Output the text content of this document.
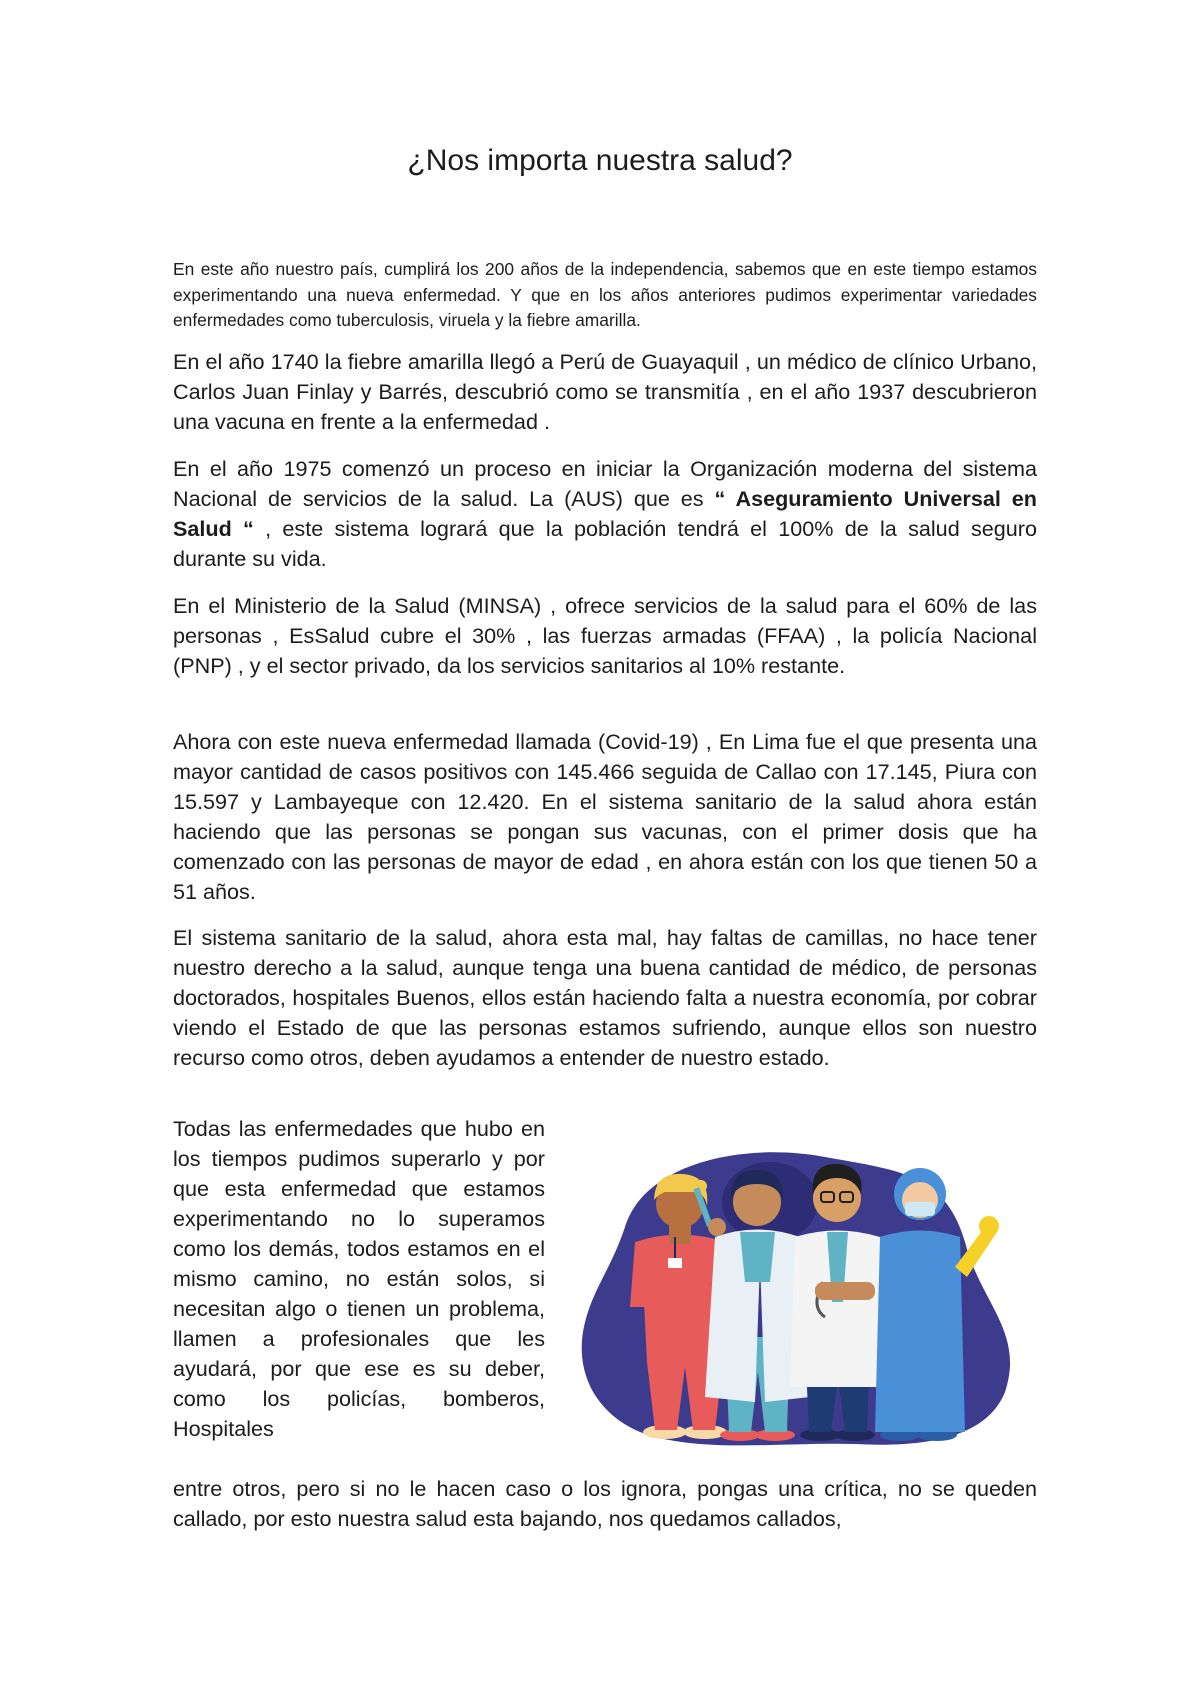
¿Nos importa nuestra salud?

En este año nuestro país, cumplirá los 200 años de la independencia, sabemos que en este tiempo estamos experimentando una nueva enfermedad. Y que en los años anteriores pudimos experimentar variedades enfermedades como tuberculosis, viruela y la fiebre amarilla.

En el año 1740 la fiebre amarilla llegó a Perú de Guayaquil , un médico de clínico Urbano, Carlos Juan Finlay y Barrés, descubrió como se transmitía , en el año 1937 descubrieron una vacuna en frente a la enfermedad .

En el año 1975 comenzó un proceso en iniciar la Organización moderna del sistema Nacional de servicios de la salud. La (AUS) que es “ Aseguramiento Universal en Salud “ , este sistema logrará que la población tendrá el 100% de la salud seguro durante su vida.

En el Ministerio de la Salud (MINSA) , ofrece servicios de la salud para el 60% de las personas , EsSalud cubre el 30% , las fuerzas armadas (FFAA) , la policía Nacional (PNP) , y el sector privado, da los servicios sanitarios al 10% restante.

Ahora con este nueva enfermedad llamada (Covid-19) , En Lima fue el que presenta una mayor cantidad de casos positivos con 145.466 seguida de Callao con 17.145, Piura con 15.597 y Lambayeque con 12.420. En el sistema sanitario de la salud ahora están haciendo que las personas se pongan sus vacunas, con el primer dosis que ha comenzado con las personas de mayor de edad , en ahora están con los que tienen 50 a 51 años.

El sistema sanitario de la salud, ahora esta mal, hay faltas de camillas, no hace tener nuestro derecho a la salud, aunque tenga una buena cantidad de médico, de personas doctorados, hospitales Buenos, ellos están haciendo falta a nuestra economía, por cobrar viendo el Estado de que las personas estamos sufriendo, aunque ellos son nuestro recurso como otros, deben ayudamos a entender de nuestro estado.

Todas las enfermedades que hubo en los tiempos pudimos superarlo y por que esta enfermedad que estamos experimentando no lo superamos como los demás, todos estamos en el mismo camino, no están solos, si necesitan algo o tienen un problema, llamen a profesionales que les ayudará, por que ese es su deber, como los policías, bomberos, Hospitales

entre otros, pero si no le hacen caso o los ignora, pongas una crítica, no se queden callado, por esto nuestra salud esta bajando, nos quedamos callados,
